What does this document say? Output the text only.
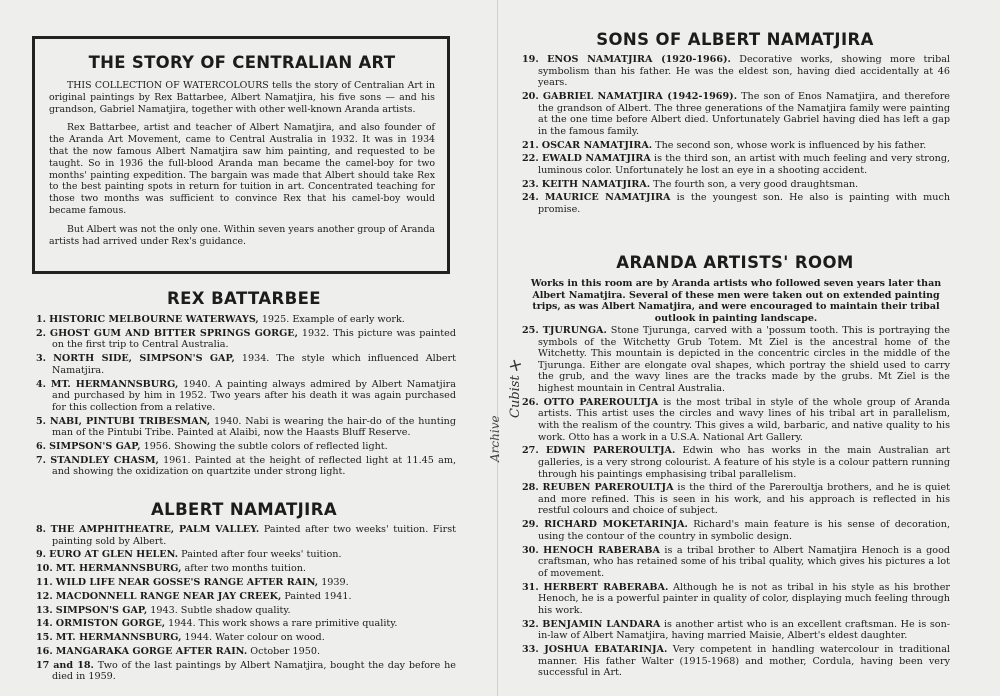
THE STORY OF CENTRALIAN ART

THIS COLLECTION OF WATERCOLOURS tells the story of Centralian Art in original paintings by Rex Battarbee, Albert Namatjira, his five sons — and his grandson, Gabriel Namatjira, together with other well-known Aranda artists.

Rex Battarbee, artist and teacher of Albert Namatjira, and also founder of the Aranda Art Movement, came to Central Australia in 1932. It was in 1934 that the now famous Albert Namatjira saw him painting, and requested to be taught. So in 1936 the full-blood Aranda man became the camel-boy for two months' painting expedition. The bargain was made that Albert should take Rex to the best painting spots in return for tuition in art. Concentrated teaching for those two months was sufficient to convince Rex that his camel-boy would became famous.

But Albert was not the only one. Within seven years another group of Aranda artists had arrived under Rex's guidance.

REX BATTARBEE
1. HISTORIC MELBOURNE WATERWAYS, 1925. Example of early work.
2. GHOST GUM AND BITTER SPRINGS GORGE, 1932. This picture was painted on the first trip to Central Australia.
3. NORTH SIDE, SIMPSON'S GAP, 1934. The style which influenced Albert Namatjira.
4. MT. HERMANNSBURG, 1940. A painting always admired by Albert Namatjira and purchased by him in 1952. Two years after his death it was again purchased for this collection from a relative.
5. NABI, PINTUBI TRIBESMAN, 1940. Nabi is wearing the hair-do of the hunting man of the Pintubi Tribe. Painted at Alaibi, now the Haasts Bluff Reserve.
6. SIMPSON'S GAP, 1956. Showing the subtle colors of reflected light.
7. STANDLEY CHASM, 1961. Painted at the height of reflected light at 11.45 am, and showing the oxidization on quartzite under strong light.
ALBERT NAMATJIRA
8. THE AMPHITHEATRE, PALM VALLEY. Painted after two weeks' tuition. First painting sold by Albert.
9. EURO AT GLEN HELEN. Painted after four weeks' tuition.
10. MT. HERMANNSBURG, after two months tuition.
11. WILD LIFE NEAR GOSSE'S RANGE AFTER RAIN, 1939.
12. MACDONNELL RANGE NEAR JAY CREEK, Painted 1941.
13. SIMPSON'S GAP, 1943. Subtle shadow quality.
14. ORMISTON GORGE, 1944. This work shows a rare primitive quality.
15. MT. HERMANNSBURG, 1944. Water colour on wood.
16. MANGARAKA GORGE AFTER RAIN. October 1950.
17 and 18. Two of the last paintings by Albert Namatjira, bought the day before he died in 1959.
SONS OF ALBERT NAMATJIRA
19. ENOS NAMATJIRA (1920-1966). Decorative works, showing more tribal symbolism than his father. He was the eldest son, having died accidentally at 46 years.
20. GABRIEL NAMATJIRA (1942-1969). The son of Enos Namatjira, and therefore the grandson of Albert. The three generations of the Namatjira family were painting at the one time before Albert died. Unfortunately Gabriel having died has left a gap in the famous family.
21. OSCAR NAMATJIRA. The second son, whose work is influenced by his father.
22. EWALD NAMATJIRA is the third son, an artist with much feeling and very strong, luminous color. Unfortunately he lost an eye in a shooting accident.
23. KEITH NAMATJIRA. The fourth son, a very good draughtsman.
24. MAURICE NAMATJIRA is the youngest son. He also is painting with much promise.
ARANDA ARTISTS' ROOM

Works in this room are by Aranda artists who followed seven years later than Albert Namatjira. Several of these men were taken out on extended painting trips, as was Albert Namatjira, and were encouraged to maintain their tribal outlook in painting landscape.

25. TJURUNGA. Stone Tjurunga, carved with a 'possum tooth. This is portraying the symbols of the Witchetty Grub Totem. Mt Ziel is the ancestral home of the Witchetty. This mountain is depicted in the concentric circles in the middle of the Tjurunga. Either are elongate oval shapes, which portray the shield used to carry the grub, and the wavy lines are the tracks made by the grubs. Mt Ziel is the highest mountain in Central Australia.
26. OTTO PAREROULTJA is the most tribal in style of the whole group of Aranda artists. This artist uses the circles and wavy lines of his tribal art in parallelism, with the realism of the country. This gives a wild, barbaric, and native quality to his work. Otto has a work in a U.S.A. National Art Gallery.
27. EDWIN PAREROULTJA. Edwin who has works in the main Australian art galleries, is a very strong colourist. A feature of his style is a colour pattern running through his paintings emphasising tribal parallelism.
28. REUBEN PAREROULTJA is the third of the Pareroultja brothers, and he is quiet and more refined. This is seen in his work, and his approach is reflected in his restful colours and choice of subject.
29. RICHARD MOKETARINJA. Richard's main feature is his sense of decoration, using the contour of the country in symbolic design.
30. HENOCH RABERABA is a tribal brother to Albert Namatjira Henoch is a good craftsman, who has retained some of his tribal quality, which gives his pictures a lot of movement.
31. HERBERT RABERABA. Although he is not as tribal in his style as his brother Henoch, he is a powerful painter in quality of color, displaying much feeling through his work.
32. BENJAMIN LANDARA is another artist who is an excellent craftsman. He is son-in-law of Albert Namatjira, having married Maisie, Albert's eldest daughter.
33. JOSHUA EBATARINJA. Very competent in handling watercolour in traditional manner. His father Walter (1915-1968) and mother, Cordula, having been very successful in Art.
+
Cubist
Archive
